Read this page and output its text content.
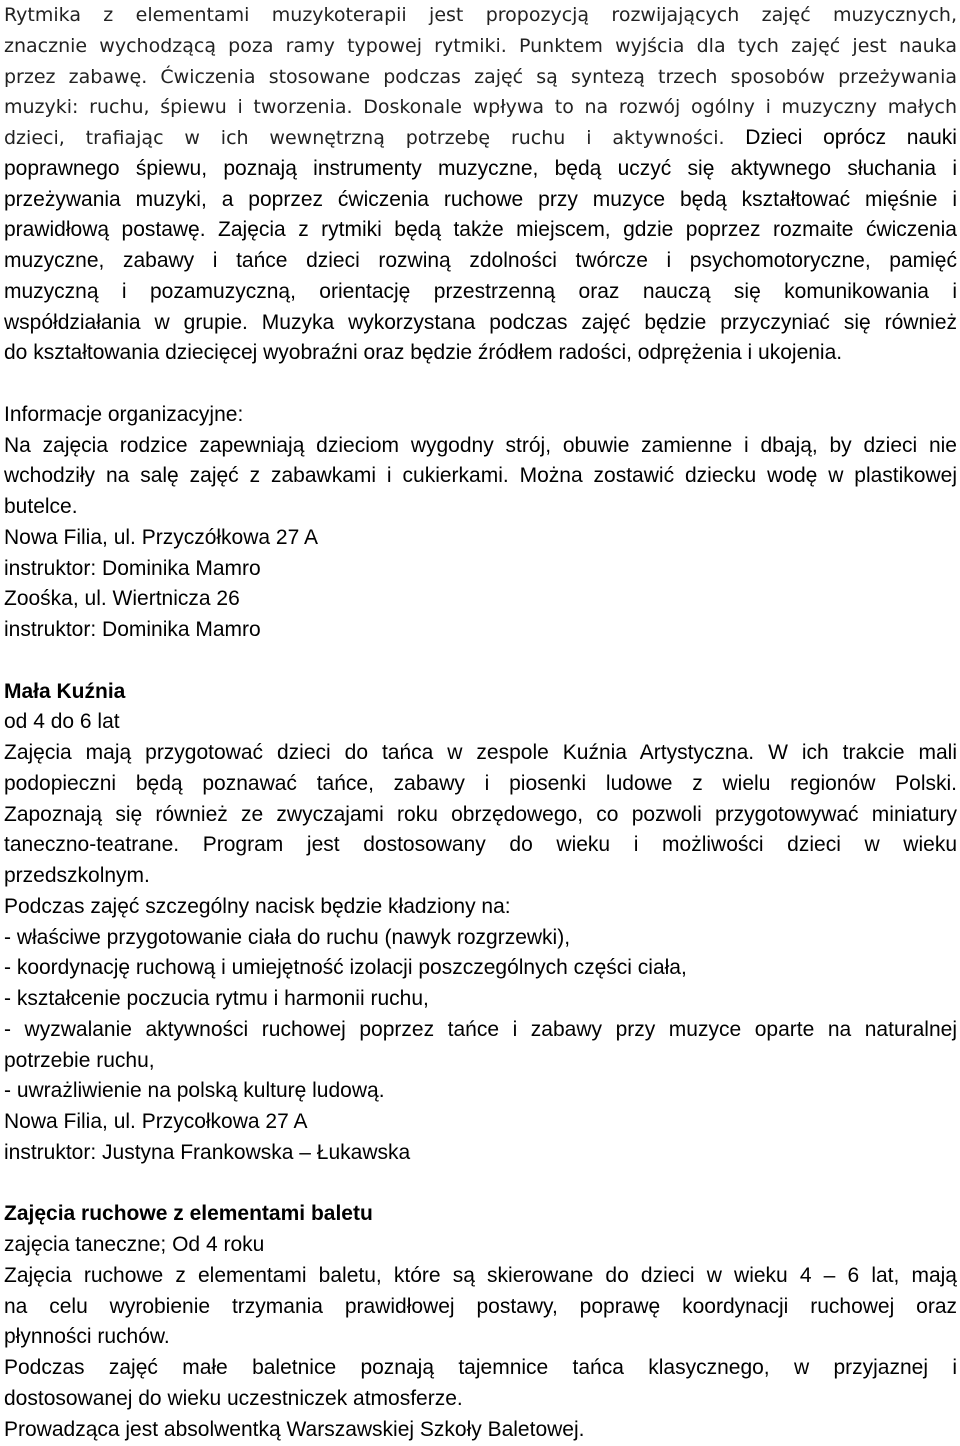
Rytmika z elementami muzykoterapii jest propozycją rozwijających zajęć muzycznych,
znacznie wychodzącą poza ramy typowej rytmiki. Punktem wyjścia dla tych zajęć jest nauka
przez zabawę. Ćwiczenia stosowane podczas zajęć są syntezą trzech sposobów przeżywania
muzyki: ruchu, śpiewu i tworzenia. Doskonale wpływa to na rozwój ogólny i muzyczny małych
dzieci, trafiając w ich wewnętrzną potrzebę ruchu i aktywności. Dzieci oprócz nauki
poprawnego śpiewu, poznają instrumenty muzyczne, będą uczyć się aktywnego słuchania i
przeżywania muzyki, a poprzez ćwiczenia ruchowe przy muzyce będą kształtować mięśnie i
prawidłową postawę. Zajęcia z rytmiki będą także miejscem, gdzie poprzez rozmaite ćwiczenia
muzyczne, zabawy i tańce dzieci rozwiną zdolności twórcze i psychomotoryczne, pamięć
muzyczną i pozamuzyczną, orientację przestrzenną oraz nauczą się komunikowania i
współdziałania w grupie. Muzyka wykorzystana podczas zajęć będzie przyczyniać się również
do kształtowania dziecięcej wyobraźni oraz będzie źródłem radości, odprężenia i ukojenia.
Informacje organizacyjne:
Na zajęcia rodzice zapewniają dzieciom wygodny strój, obuwie zamienne i dbają, by dzieci nie
wchodziły na salę zajęć z zabawkami i cukierkami. Można zostawić dziecku wodę w plastikowej
butelce.
Nowa Filia, ul. Przyczółkowa 27 A
instruktor: Dominika Mamro
Zoośka, ul. Wiertnicza 26
instruktor: Dominika Mamro
Mała Kuźnia
od 4 do 6 lat
Zajęcia mają przygotować dzieci do tańca w zespole Kuźnia Artystyczna. W ich trakcie mali
podopieczni będą poznawać tańce, zabawy i piosenki ludowe z wielu regionów Polski.
Zapoznają się również ze zwyczajami roku obrzędowego, co pozwoli przygotowywać miniatury
taneczno-teatrane. Program jest dostosowany do wieku i możliwości dzieci w wieku
przedszkolnym.
Podczas zajęć szczególny nacisk będzie kładziony na:
- właściwe przygotowanie ciała do ruchu (nawyk rozgrzewki),
- koordynację ruchową i umiejętność izolacji poszczególnych części ciała,
- kształcenie poczucia rytmu i harmonii ruchu,
- wyzwalanie aktywności ruchowej poprzez tańce i zabawy przy muzyce oparte na naturalnej
potrzebie ruchu,
- uwrażliwienie na polską kulturę ludową.
Nowa Filia, ul. Przycołkowa 27 A
instruktor: Justyna Frankowska – Łukawska
Zajęcia ruchowe z elementami baletu
zajęcia taneczne; Od 4 roku
Zajęcia ruchowe z elementami baletu, które są skierowane do dzieci w wieku 4 – 6 lat, mają
na celu wyrobienie trzymania prawidłowej postawy, poprawę koordynacji ruchowej oraz
płynności ruchów.
Podczas zajęć małe baletnice poznają tajemnice tańca klasycznego, w przyjaznej i
dostosowanej do wieku uczestniczek atmosferze.
Prowadząca jest absolwentką Warszawskiej Szkoły Baletowej.
